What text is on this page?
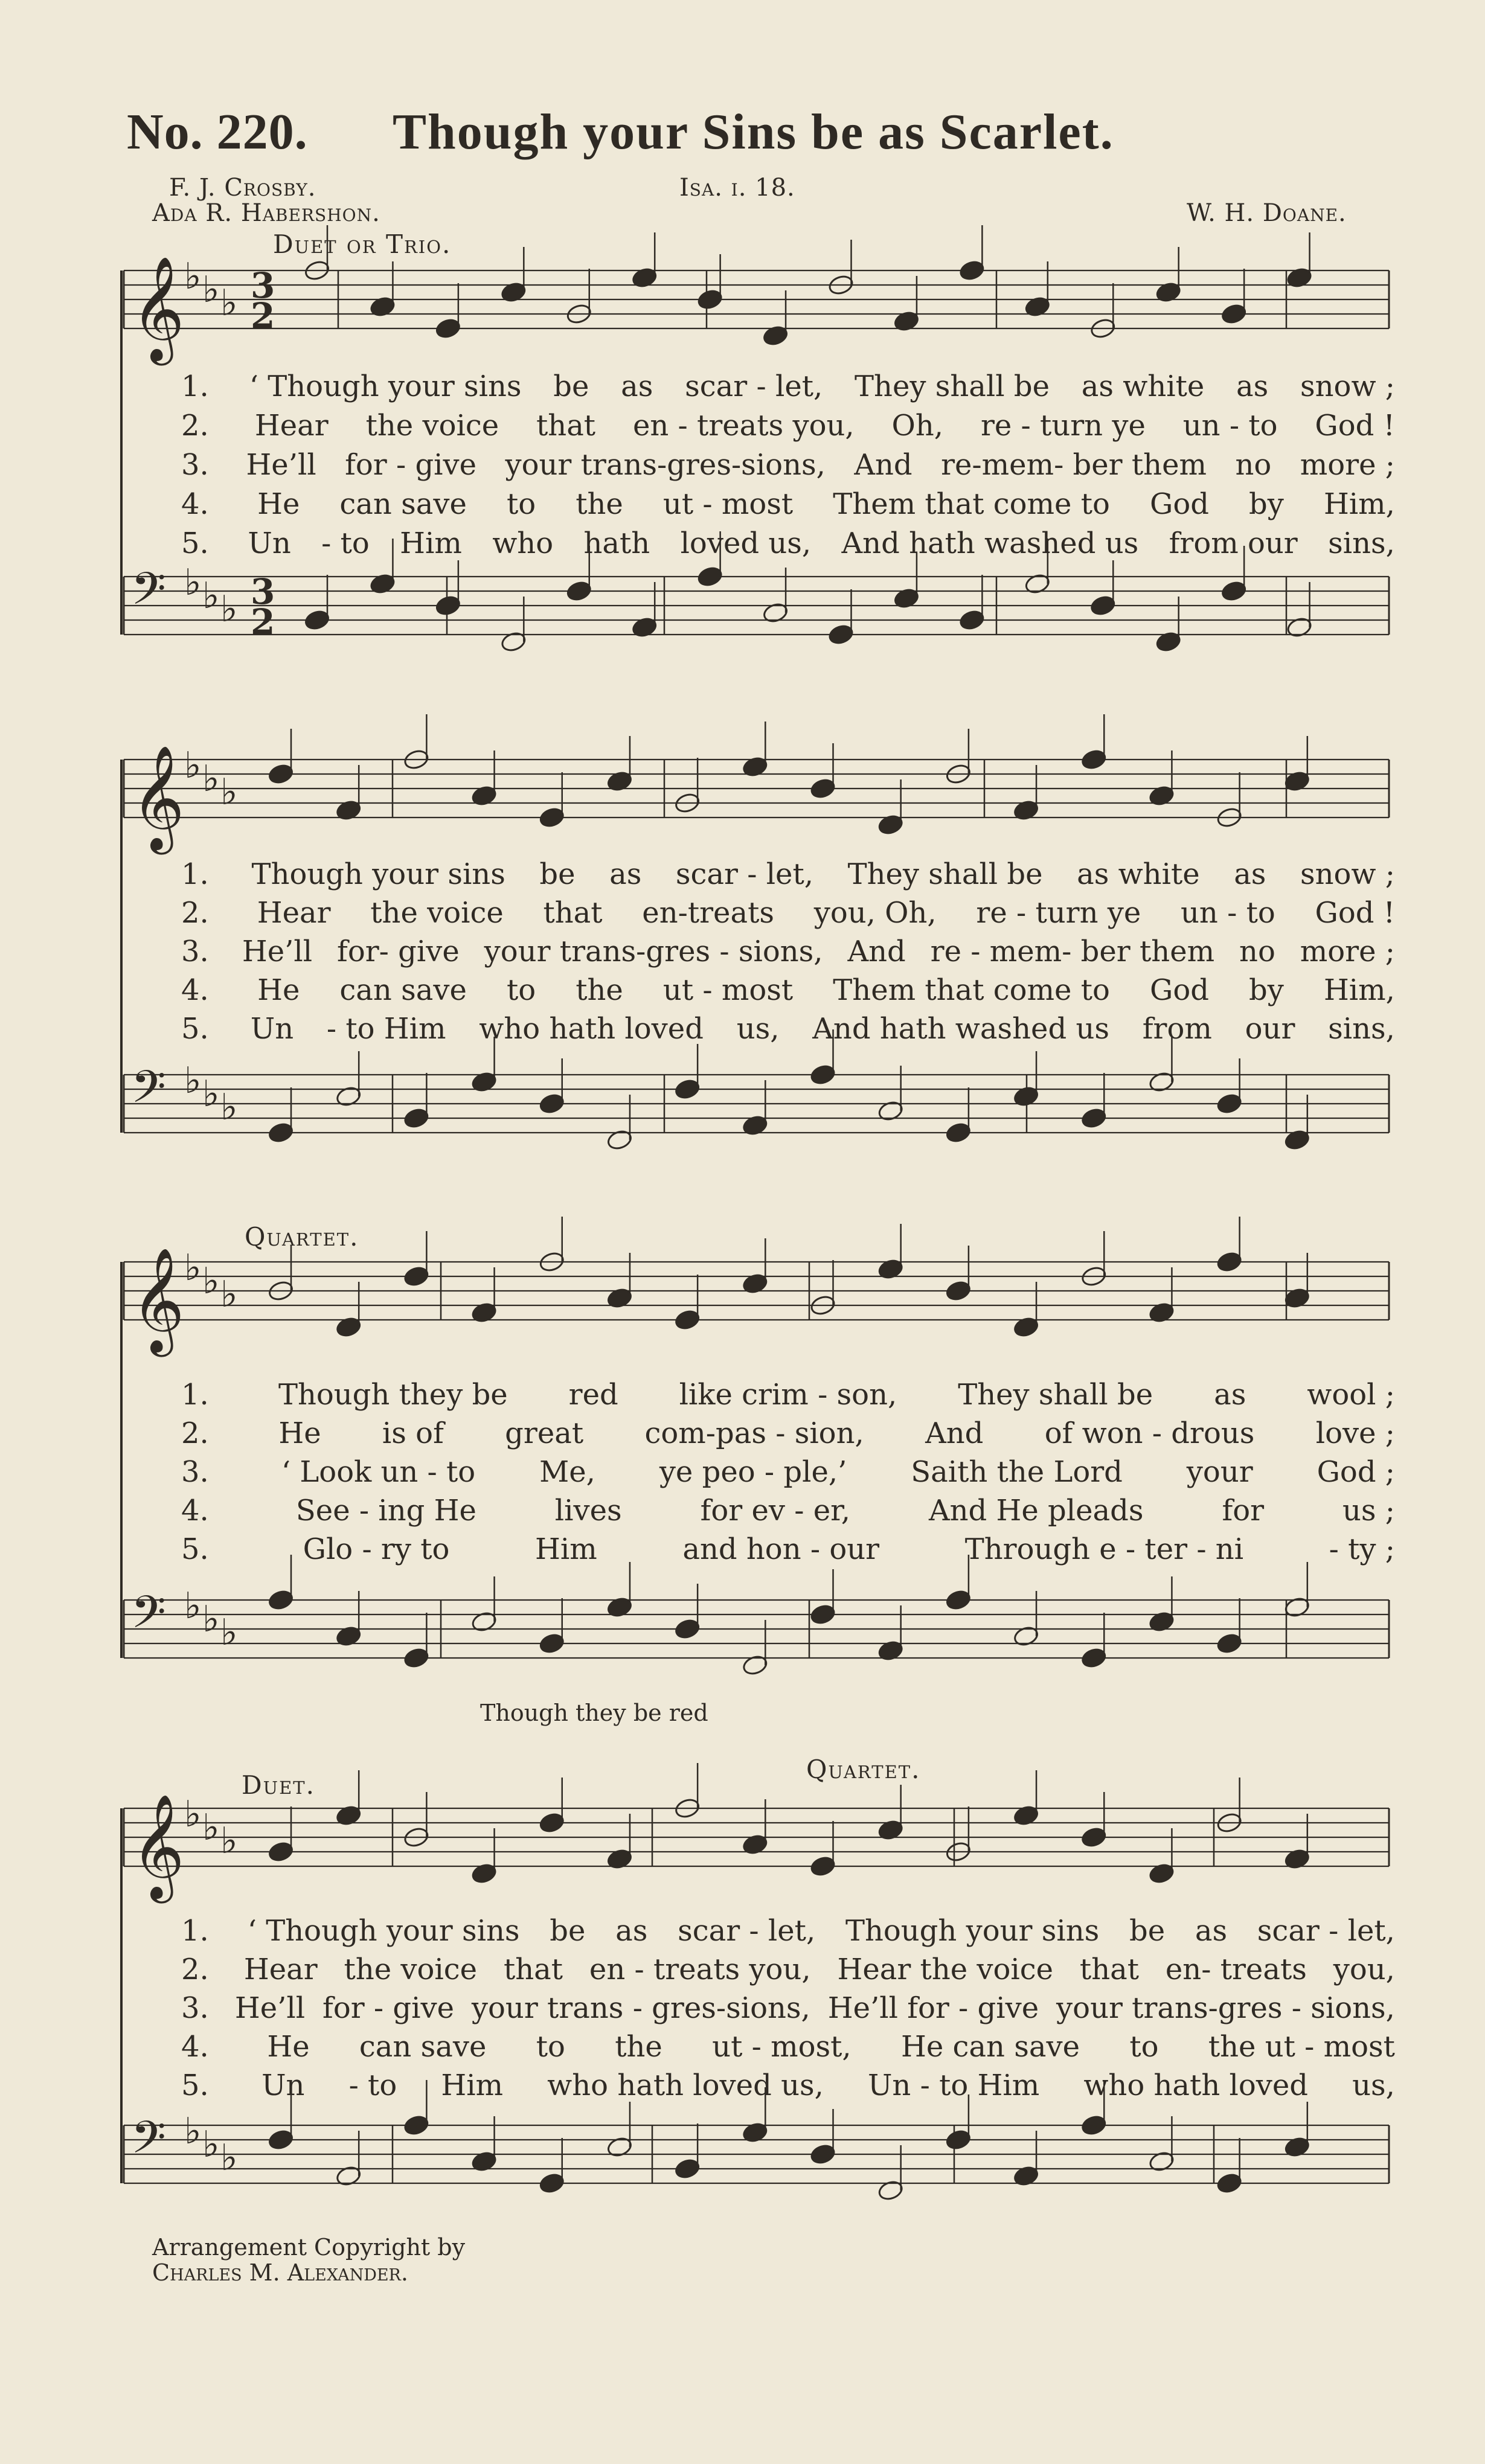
No. 220. Though your Sins be as Scarlet.
F. J. Crosby.
Ada R. Habershon.
Isa. i. 18.
W. H. Doane.
Duet or Trio.
Quartet.
Duet.
Quartet.
𝄞 ♭ ♭ ♭ 3
2
𝄢 ♭ ♭ ♭ 3
2
𝄞 ♭ ♭ ♭
𝄢 ♭ ♭ ♭
𝄞 ♭ ♭ ♭
𝄢 ♭ ♭ ♭
𝄞 ♭ ♭ ♭
𝄢 ♭ ♭ ♭
1. ‘ Though your sins be as scar - let, They shall be as white as snow ;
2. Hear the voice that en - treats you, Oh, re - turn ye un - to God !
3. He’ll for - give your trans-gres-sions, And re-mem- ber them no more ;
4. He can save to the ut - most Them that come to God by Him,
5. Un - to Him who hath loved us, And hath washed us from our sins,
1. Though your sins be as scar - let, They shall be as white as snow ;
2. Hear the voice that en-treats you, Oh, re - turn ye un - to God !
3. He’ll for- give your trans-gres - sions, And re - mem- ber them no more ;
4. He can save to the ut - most Them that come to God by Him,
5. Un - to Him who hath loved us, And hath washed us from our sins,
1. Though they be red like crim - son, They shall be as wool ;
2. He is of great com-pas - sion, And of won - drous love ;
3.	‘ Look un - to Me, ye peo - ple,’ Saith the Lord your God ;
4.	See - ing He	lives	for ev - er,	And He pleads	for	us ;
5.	Glo - ry to	Him	and hon - our	Through e - ter - ni	- ty ;
1. ‘ Though your sins be as scar - let, Though your sins be as scar - let,
2. Hear the voice that en - treats you, Hear the voice that en- treats you,
3. He’ll for - give your trans - gres-sions, He’ll for - give your trans-gres - sions,
4. He can save to the ut - most, He can save to the ut - most
5. Un - to Him who hath loved us, Un - to Him who hath loved us,
Though they be red
Arrangement Copyright by
Charles M. Alexander.
